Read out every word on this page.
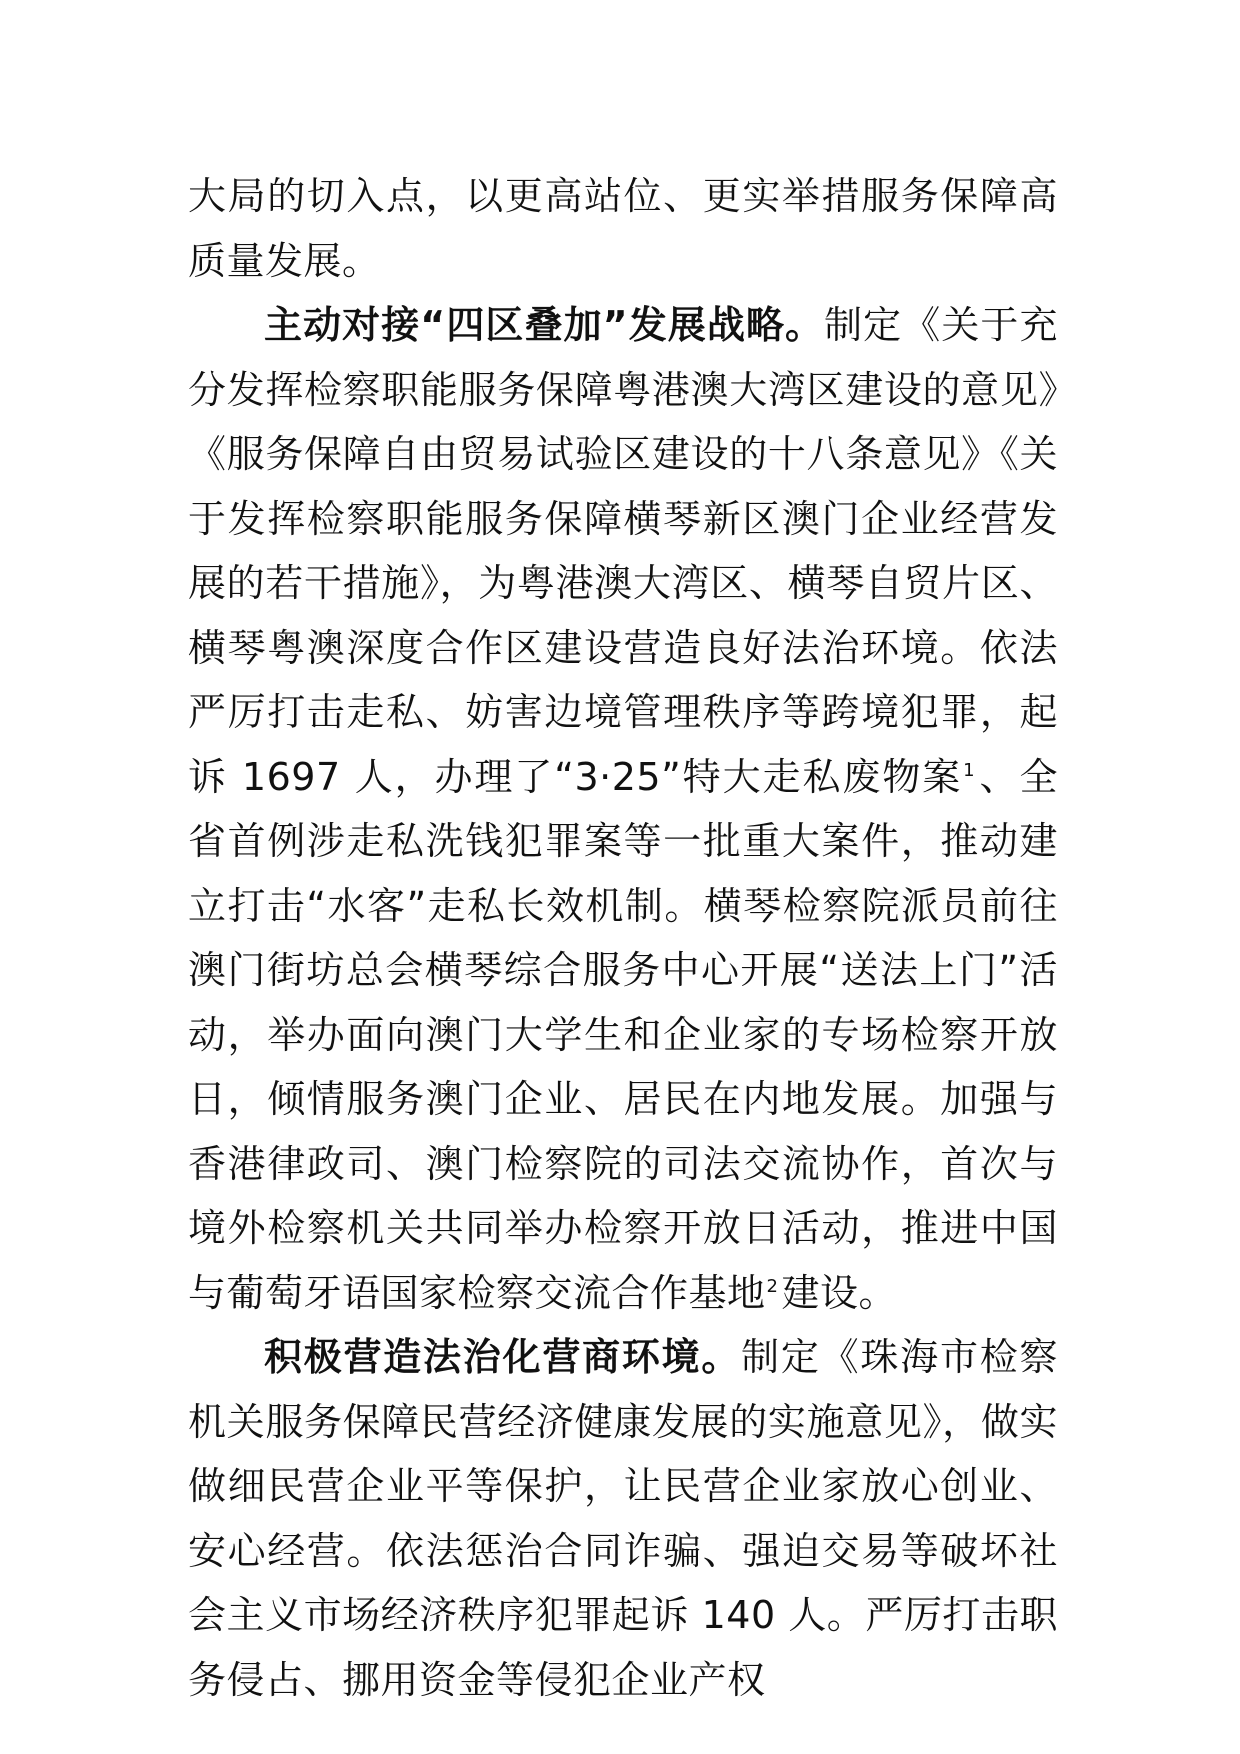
大局的切入点，以更高站位、更实举措服务保障高质量发展。

主动对接“四区叠加”发展战略。制定《关于充分发挥检察职能服务保障粤港澳大湾区建设的意见》《服务保障自由贸易试验区建设的十八条意见》《关于发挥检察职能服务保障横琴新区澳门企业经营发展的若干措施》，为粤港澳大湾区、横琴自贸片区、横琴粤澳深度合作区建设营造良好法治环境。依法严厉打击走私、妨害边境管理秩序等跨境犯罪，起诉 1697 人，办理了“3·25”特大走私废物案$^1$、全省首例涉走私洗钱犯罪案等一批重大案件，推动建立打击“水客”走私长效机制。横琴检察院派员前往澳门街坊总会横琴综合服务中心开展“送法上门”活动，举办面向澳门大学生和企业家的专场检察开放日，倾情服务澳门企业、居民在内地发展。加强与香港律政司、澳门检察院的司法交流协作，首次与境外检察机关共同举办检察开放日活动，推进中国与葡萄牙语国家检察交流合作基地$^2$建设。

积极营造法治化营商环境。制定《珠海市检察机关服务保障民营经济健康发展的实施意见》，做实做细民营企业平等保护，让民营企业家放心创业、安心经营。依法惩治合同诈骗、强迫交易等破坏社会主义市场经济秩序犯罪起诉 140 人。严厉打击职务侵占、挪用资金等侵犯企业产权
